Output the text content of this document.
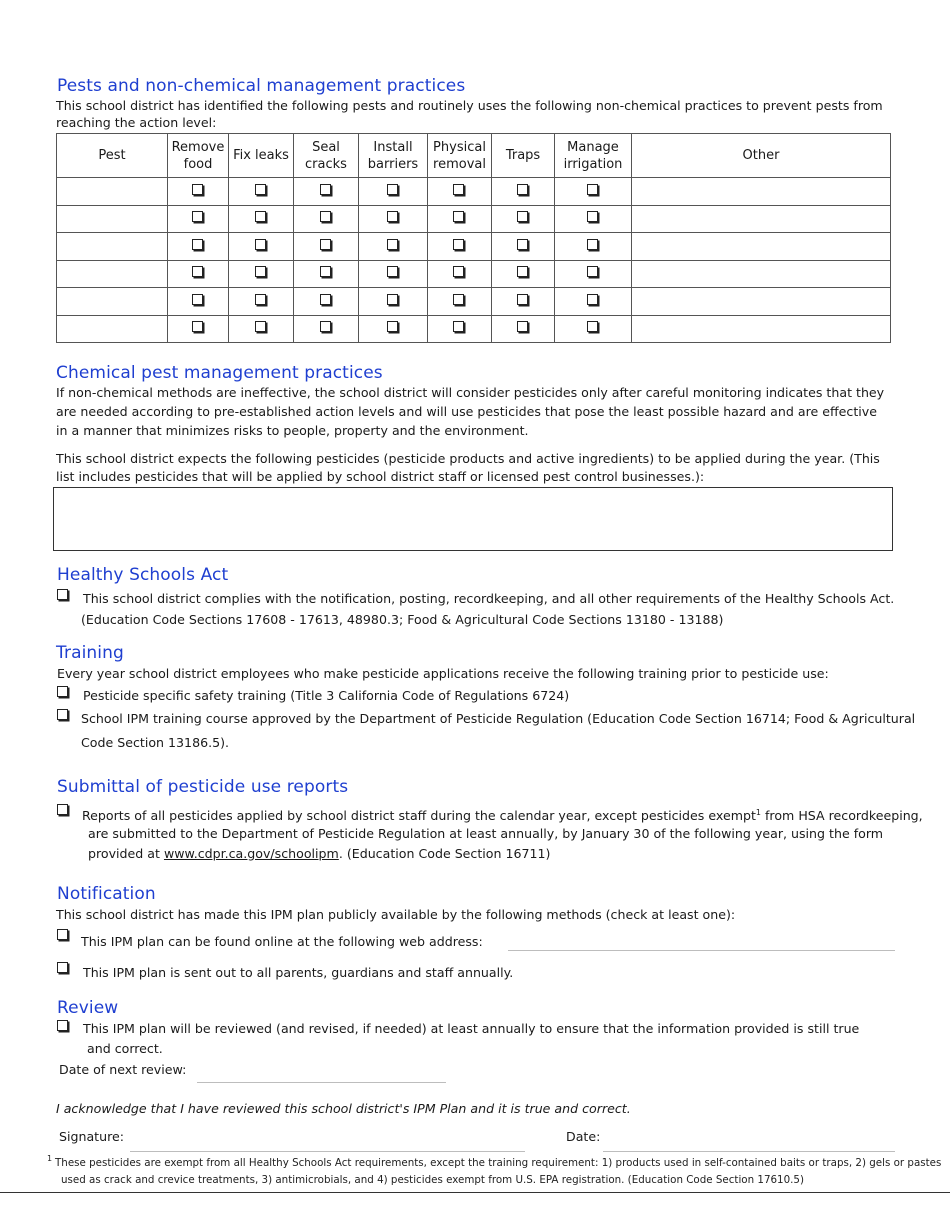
Pests and non-chemical management practices
This school district has identified the following pests and routinely uses the following non-chemical practices to prevent pests from
reaching the action level:
Pest	Remove food	Fix leaks	Seal cracks	Install barriers	Physical removal	Traps	Manage irrigation	Other

Chemical pest management practices
If non-chemical methods are ineffective, the school district will consider pesticides only after careful monitoring indicates that they
are needed according to pre-established action levels and will use pesticides that pose the least possible hazard and are effective
in a manner that minimizes risks to people, property and the environment.
This school district expects the following pesticides (pesticide products and active ingredients) to be applied during the year. (This
list includes pesticides that will be applied by school district staff or licensed pest control businesses.):
Healthy Schools Act
This school district complies with the notification, posting, recordkeeping, and all other requirements of the Healthy Schools Act.
(Education Code Sections 17608 - 17613, 48980.3; Food & Agricultural Code Sections 13180 - 13188)
Training
Every year school district employees who make pesticide applications receive the following training prior to pesticide use:
Pesticide specific safety training (Title 3 California Code of Regulations 6724)
School IPM training course approved by the Department of Pesticide Regulation (Education Code Section 16714; Food & Agricultural
Code Section 13186.5).
Submittal of pesticide use reports
Reports of all pesticides applied by school district staff during the calendar year, except pesticides exempt$^1$ from HSA recordkeeping,
are submitted to the Department of Pesticide Regulation at least annually, by January 30 of the following year, using the form
provided at www.cdpr.ca.gov/schoolipm. (Education Code Section 16711)
Notification
This school district has made this IPM plan publicly available by the following methods (check at least one):
This IPM plan can be found online at the following web address:
This IPM plan is sent out to all parents, guardians and staff annually.
Review
This IPM plan will be reviewed (and revised, if needed) at least annually to ensure that the information provided is still true
and correct.
Date of next review:
I acknowledge that I have reviewed this school district's IPM Plan and it is true and correct.
Signature:	Date:
1 These pesticides are exempt from all Healthy Schools Act requirements, except the training requirement: 1) products used in self-contained baits or traps, 2) gels or pastes
used as crack and crevice treatments, 3) antimicrobials, and 4) pesticides exempt from U.S. EPA registration. (Education Code Section 17610.5)
